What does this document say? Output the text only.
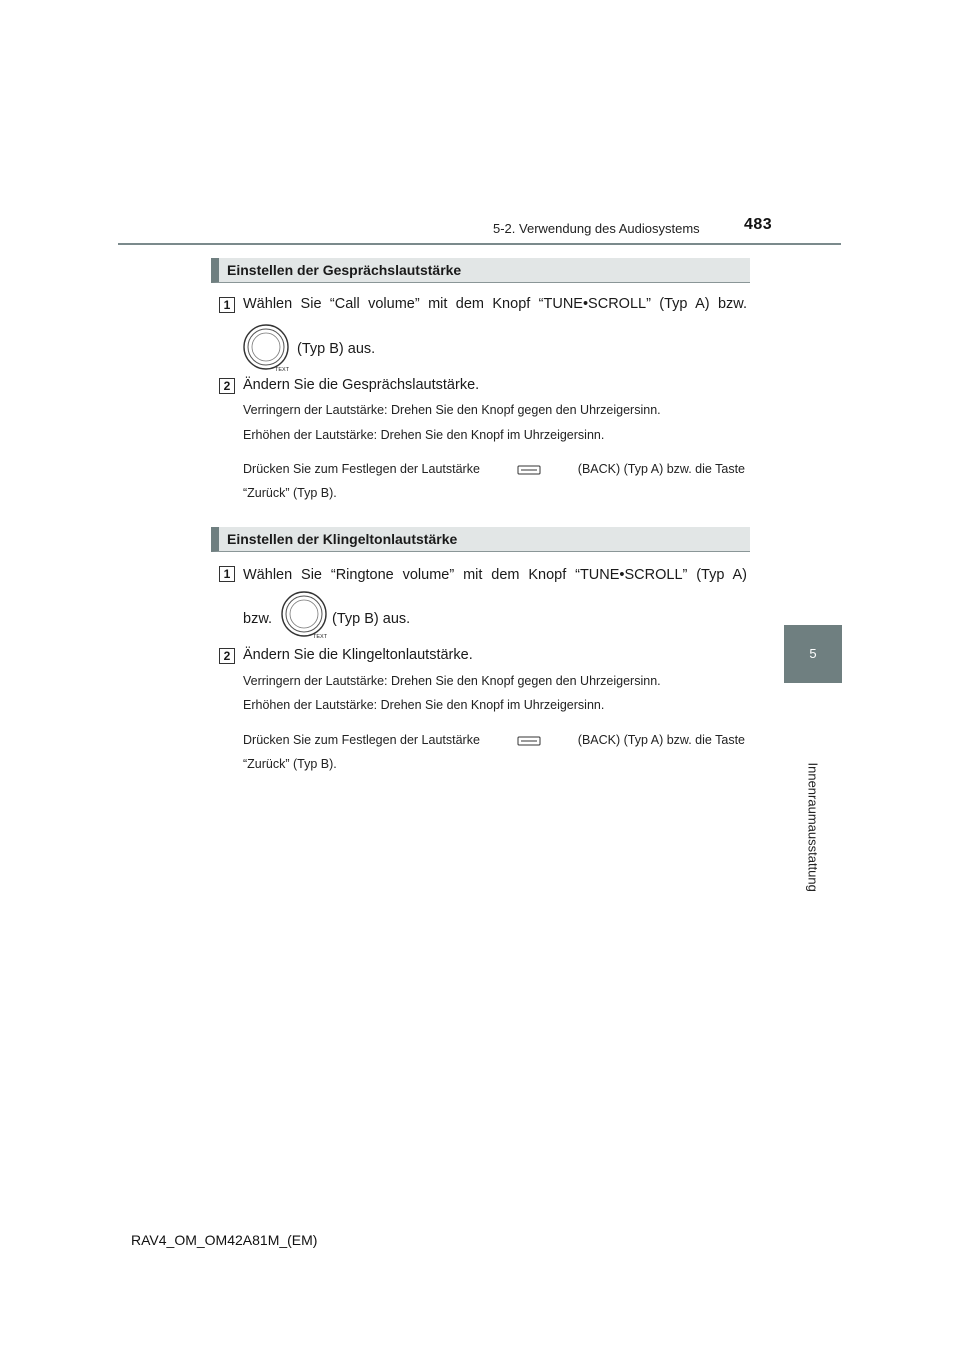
5-2. Verwendung des Audiosystems	483
5
Innenraumausstattung
Einstellen der Gesprächslautstärke
1 Wählen Sie “Call volume” mit dem Knopf “TUNE•SCROLL” (Typ A) bzw.
TEXT
(Typ B) aus.
2 Ändern Sie die Gesprächslautstärke.
Verringern der Lautstärke: Drehen Sie den Knopf gegen den Uhrzeigersinn.
Erhöhen der Lautstärke: Drehen Sie den Knopf im Uhrzeigersinn.
Drücken Sie zum Festlegen der Lautstärke	(BACK) (Typ A) bzw. die Taste
“Zurück” (Typ B).
Einstellen der Klingeltonlautstärke
1 Wählen Sie “Ringtone volume” mit dem Knopf “TUNE•SCROLL” (Typ A)
bzw.
TEXT
(Typ B) aus.
2 Ändern Sie die Klingeltonlautstärke.
Verringern der Lautstärke: Drehen Sie den Knopf gegen den Uhrzeigersinn.
Erhöhen der Lautstärke: Drehen Sie den Knopf im Uhrzeigersinn.
Drücken Sie zum Festlegen der Lautstärke	(BACK) (Typ A) bzw. die Taste
“Zurück” (Typ B).
RAV4_OM_OM42A81M_(EM)
